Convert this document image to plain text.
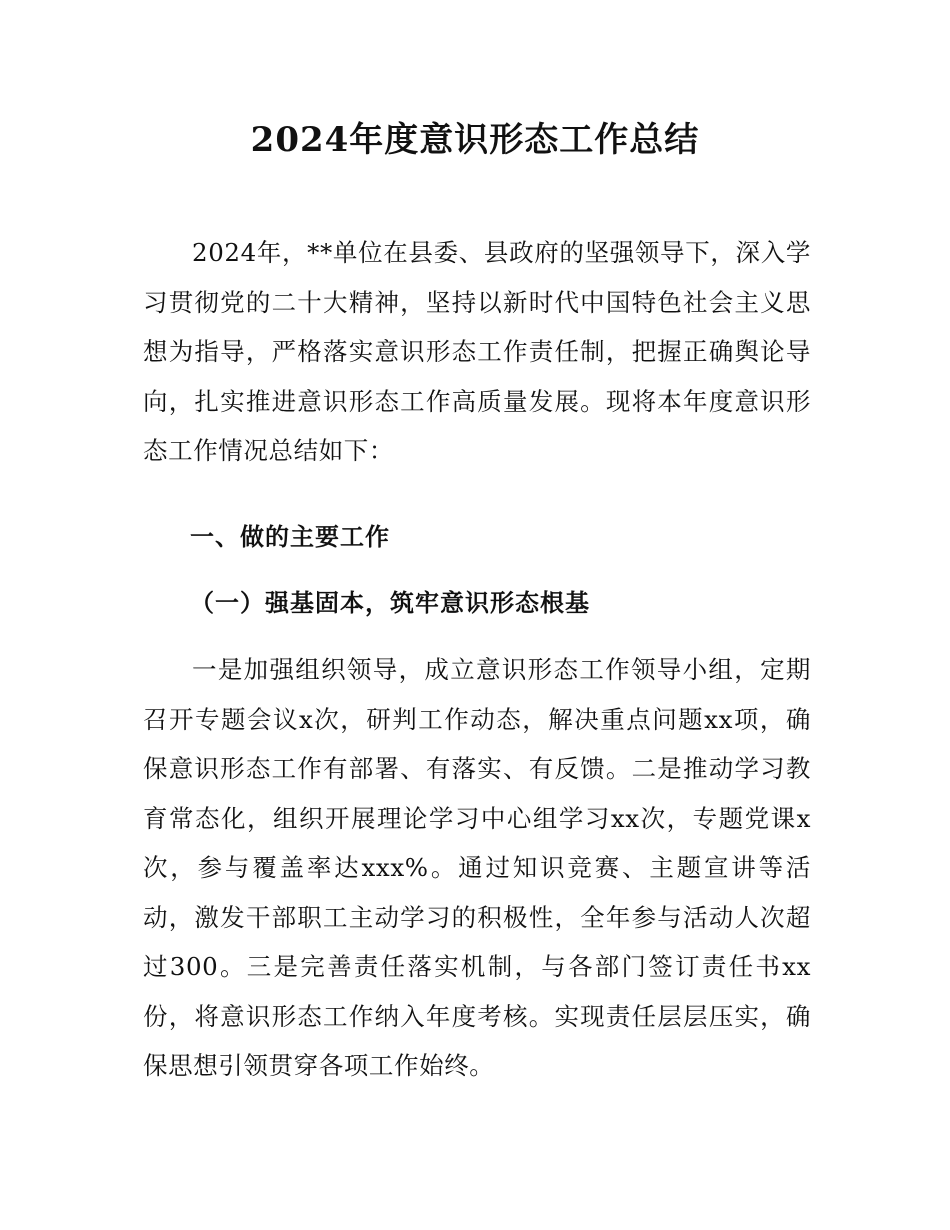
2024年度意识形态工作总结

2024年，**单位在县委、县政府的坚强领导下，深入学习贯彻党的二十大精神，坚持以新时代中国特色社会主义思想为指导，严格落实意识形态工作责任制，把握正确舆论导向，扎实推进意识形态工作高质量发展。现将本年度意识形态工作情况总结如下：

一、做的主要工作
（一）强基固本，筑牢意识形态根基

一是加强组织领导，成立意识形态工作领导小组，定期召开专题会议x次，研判工作动态，解决重点问题xx项，确保意识形态工作有部署、有落实、有反馈。二是推动学习教育常态化，组织开展理论学习中心组学习xx次，专题党课x次，参与覆盖率达xxx%。通过知识竞赛、主题宣讲等活动，激发干部职工主动学习的积极性，全年参与活动人次超过300。三是完善责任落实机制，与各部门签订责任书xx份，将意识形态工作纳入年度考核。实现责任层层压实，确保思想引领贯穿各项工作始终。
